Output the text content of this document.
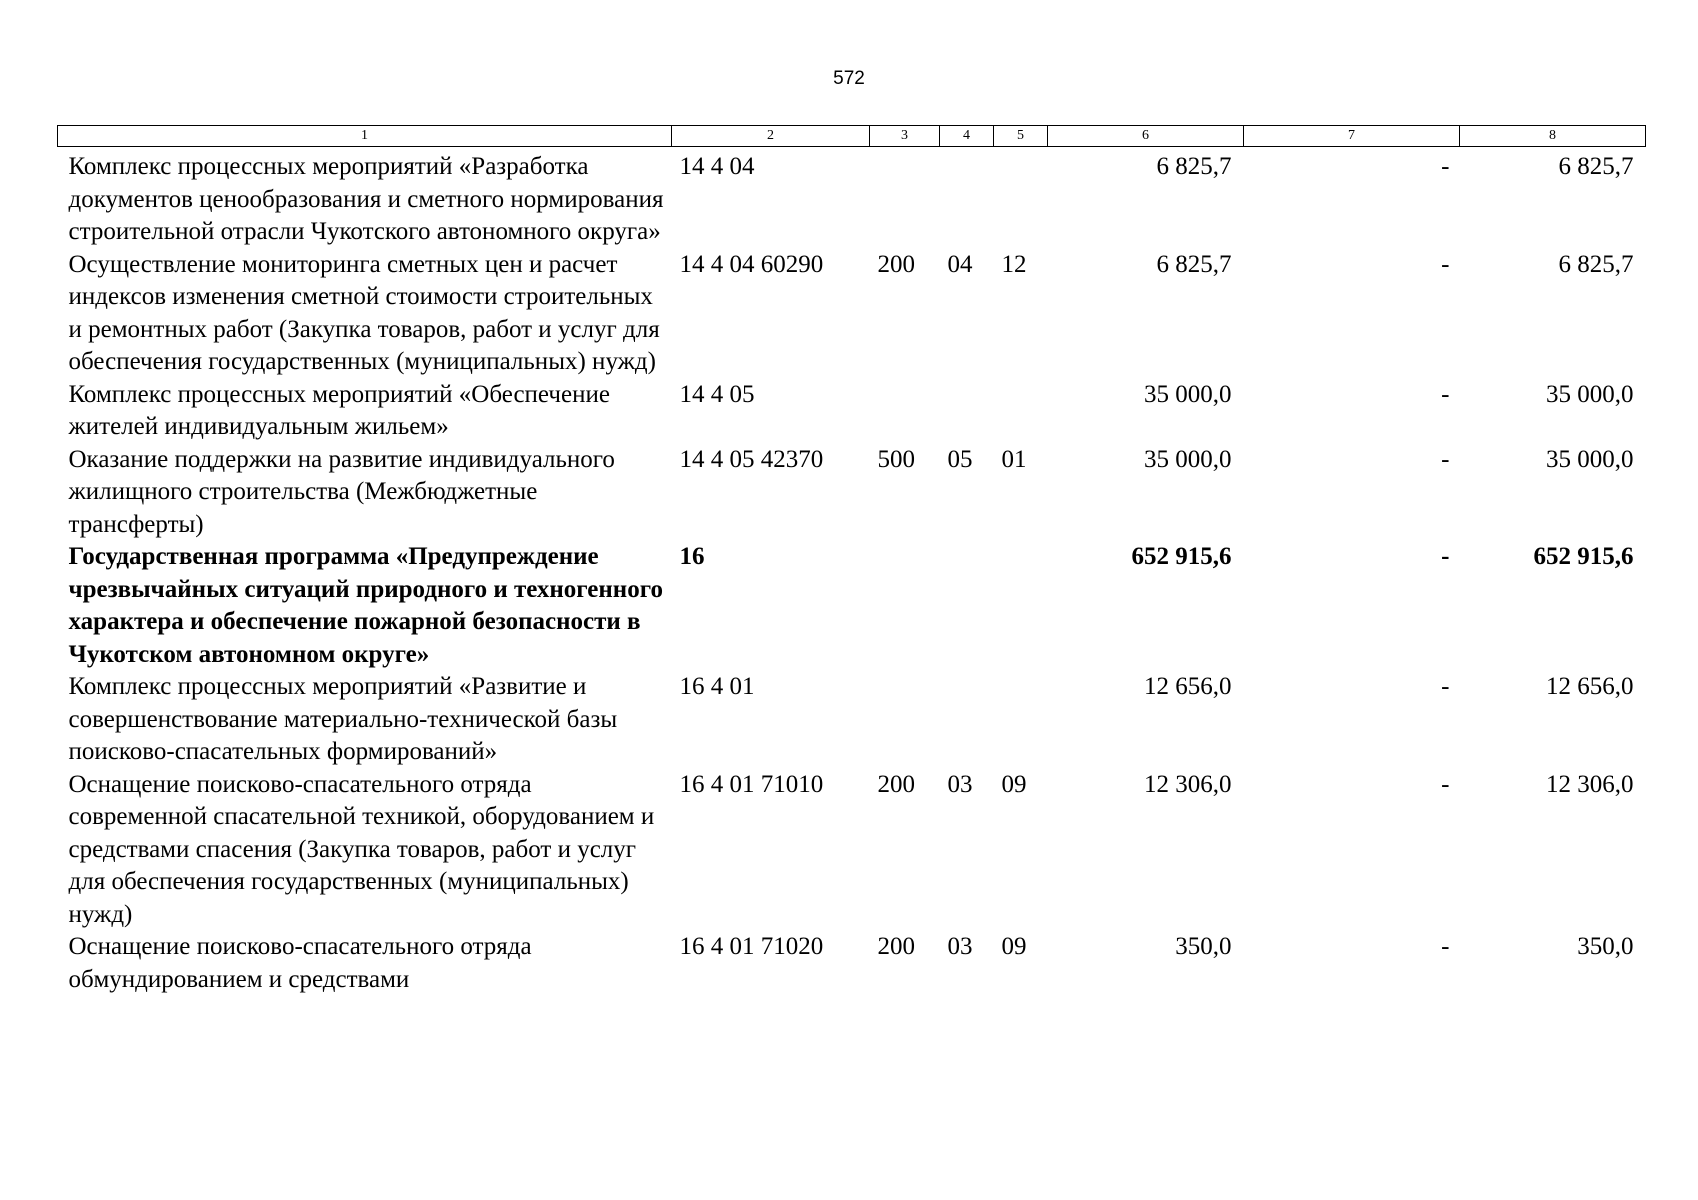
572
1	2	3	4	5	6	7	8
Комплекс процессных мероприятий «Разработка документов ценообразования и сметного нормирования строительной отрасли Чукотского автономного округа»	14 4 04				6 825,7	-	6 825,7
Осуществление мониторинга сметных цен и расчет индексов изменения сметной стоимости строительных и ремонтных работ (Закупка товаров, работ и услуг для обеспечения государственных (муниципальных) нужд)	14 4 04 60290	200	04	12	6 825,7	-	6 825,7
Комплекс процессных мероприятий «Обеспечение жителей индивидуальным жильем»	14 4 05				35 000,0	-	35 000,0
Оказание поддержки на развитие индивидуального жилищного строительства (Межбюджетные трансферты)	14 4 05 42370	500	05	01	35 000,0	-	35 000,0
Государственная программа «Предупреждение чрезвычайных ситуаций природного и техногенного характера и обеспечение пожарной безопасности в Чукотском автономном округе»	16				652 915,6	-	652 915,6
Комплекс процессных мероприятий «Развитие и совершенствование материально-технической базы поисково-спасательных формирований»	16 4 01				12 656,0	-	12 656,0
Оснащение поисково-спасательного отряда современной спасательной техникой, оборудованием и средствами спасения (Закупка товаров, работ и услуг для обеспечения государственных (муниципальных) нужд)	16 4 01 71010	200	03	09	12 306,0	-	12 306,0
Оснащение поисково-спасательного отряда обмундированием и средствами	16 4 01 71020	200	03	09	350,0	-	350,0
